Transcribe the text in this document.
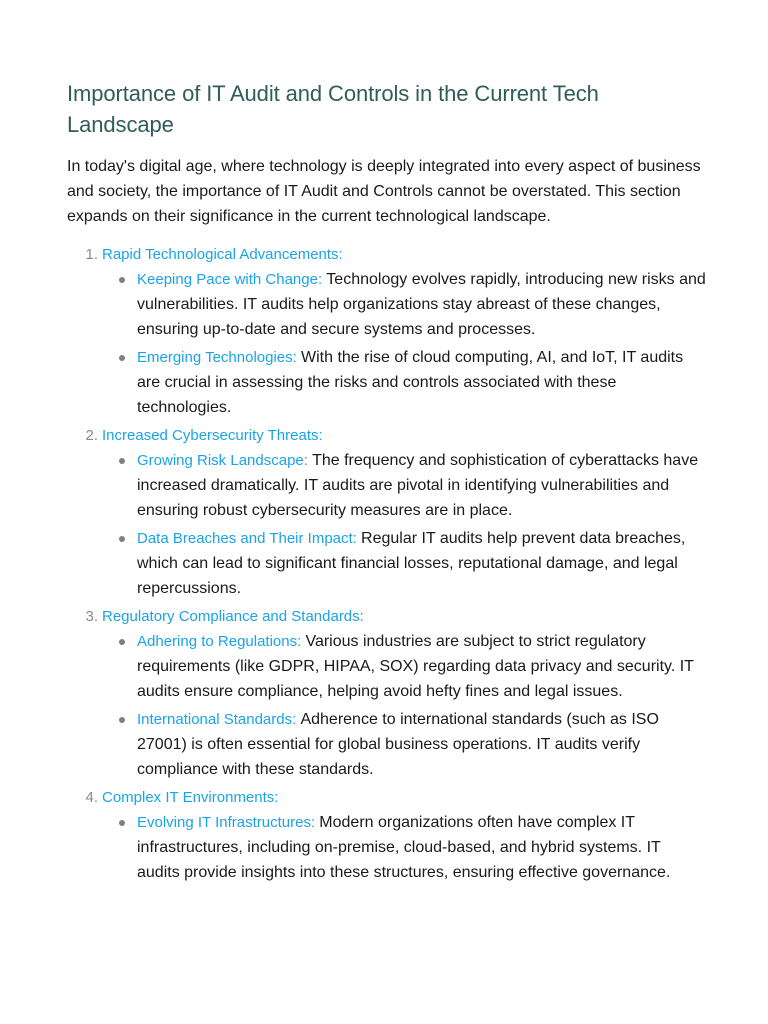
Importance of IT Audit and Controls in the Current Tech Landscape

In today's digital age, where technology is deeply integrated into every aspect of business and society, the importance of IT Audit and Controls cannot be overstated. This section expands on their significance in the current technological landscape.

1. Rapid Technological Advancements:
Keeping Pace with Change: Technology evolves rapidly, introducing new risks and vulnerabilities. IT audits help organizations stay abreast of these changes, ensuring up-to-date and secure systems and processes.
Emerging Technologies: With the rise of cloud computing, AI, and IoT, IT audits are crucial in assessing the risks and controls associated with these technologies.
2. Increased Cybersecurity Threats:
Growing Risk Landscape: The frequency and sophistication of cyberattacks have increased dramatically. IT audits are pivotal in identifying vulnerabilities and ensuring robust cybersecurity measures are in place.
Data Breaches and Their Impact: Regular IT audits help prevent data breaches, which can lead to significant financial losses, reputational damage, and legal repercussions.
3. Regulatory Compliance and Standards:
Adhering to Regulations: Various industries are subject to strict regulatory requirements (like GDPR, HIPAA, SOX) regarding data privacy and security. IT audits ensure compliance, helping avoid hefty fines and legal issues.
International Standards: Adherence to international standards (such as ISO 27001) is often essential for global business operations. IT audits verify compliance with these standards.
4. Complex IT Environments:
Evolving IT Infrastructures: Modern organizations often have complex IT infrastructures, including on-premise, cloud-based, and hybrid systems. IT audits provide insights into these structures, ensuring effective governance.
